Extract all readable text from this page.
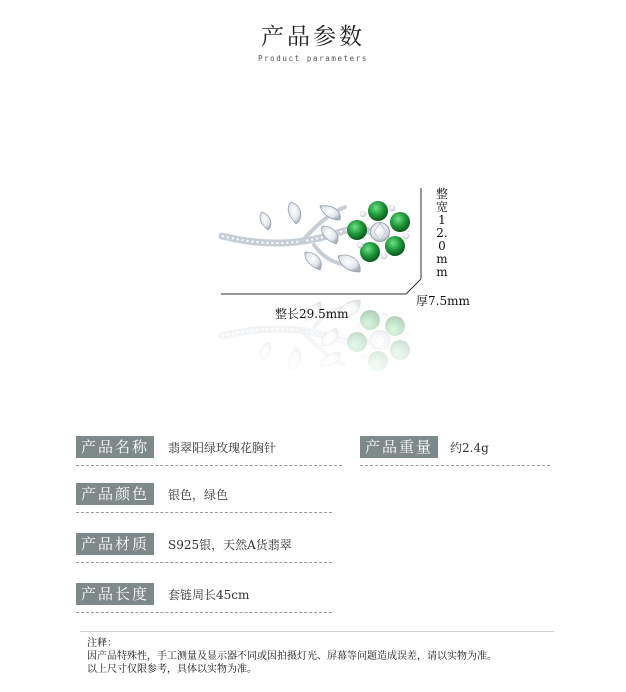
产品参数
Product parameters
整宽12.0mm
整长29.5mm
厚7.5mm
产品名称	翡翠阳绿玫瑰花胸针	产品重量	约2.4g
产品颜色	银色，绿色
产品材质	S925银，天然A货翡翠
产品长度	套链周长45cm
注释：
因产品特殊性，手工测量及显示器不同或因拍摄灯光、屏幕等问题造成误差，请以实物为准。
以上尺寸仅限参考，具体以实物为准。
